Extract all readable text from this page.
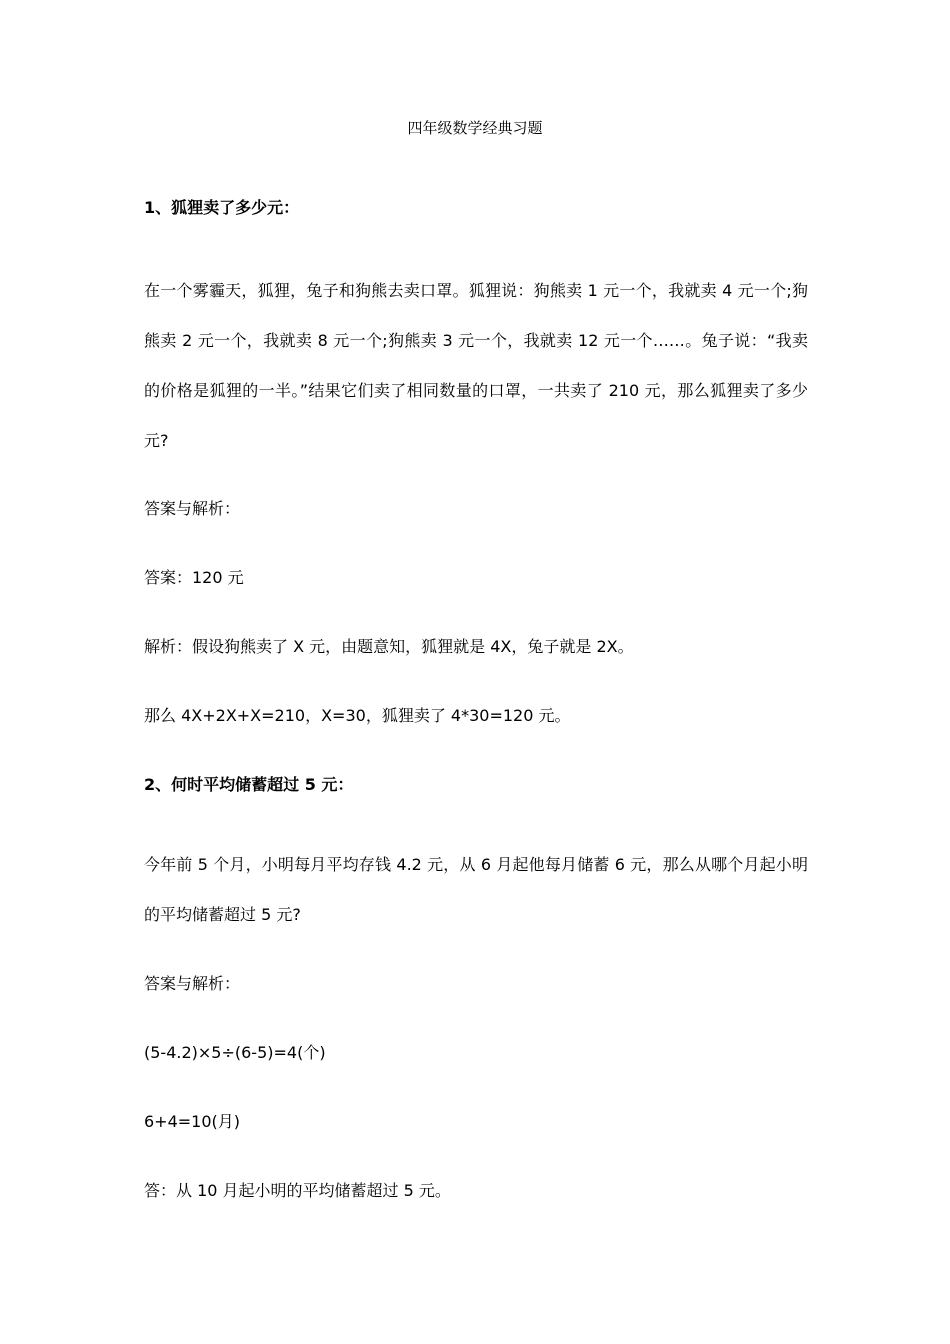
四年级数学经典习题

1、狐狸卖了多少元：

在一个雾霾天，狐狸，兔子和狗熊去卖口罩。狐狸说：狗熊卖 1 元一个，我就卖 4 元一个;狗熊卖 2 元一个，我就卖 8 元一个;狗熊卖 3 元一个，我就卖 12 元一个……。兔子说：“我卖的价格是狐狸的一半。”结果它们卖了相同数量的口罩，一共卖了 210 元，那么狐狸卖了多少元?

答案与解析：

答案：120 元

解析：假设狗熊卖了 X 元，由题意知，狐狸就是 4X，兔子就是 2X。

那么 4X+2X+X=210，X=30，狐狸卖了 4*30=120 元。

2、何时平均储蓄超过 5 元：

今年前 5 个月，小明每月平均存钱 4.2 元，从 6 月起他每月储蓄 6 元，那么从哪个月起小明的平均储蓄超过 5 元?

答案与解析：

(5-4.2)×5÷(6-5)=4(个)

6+4=10(月)

答：从 10 月起小明的平均储蓄超过 5 元。
